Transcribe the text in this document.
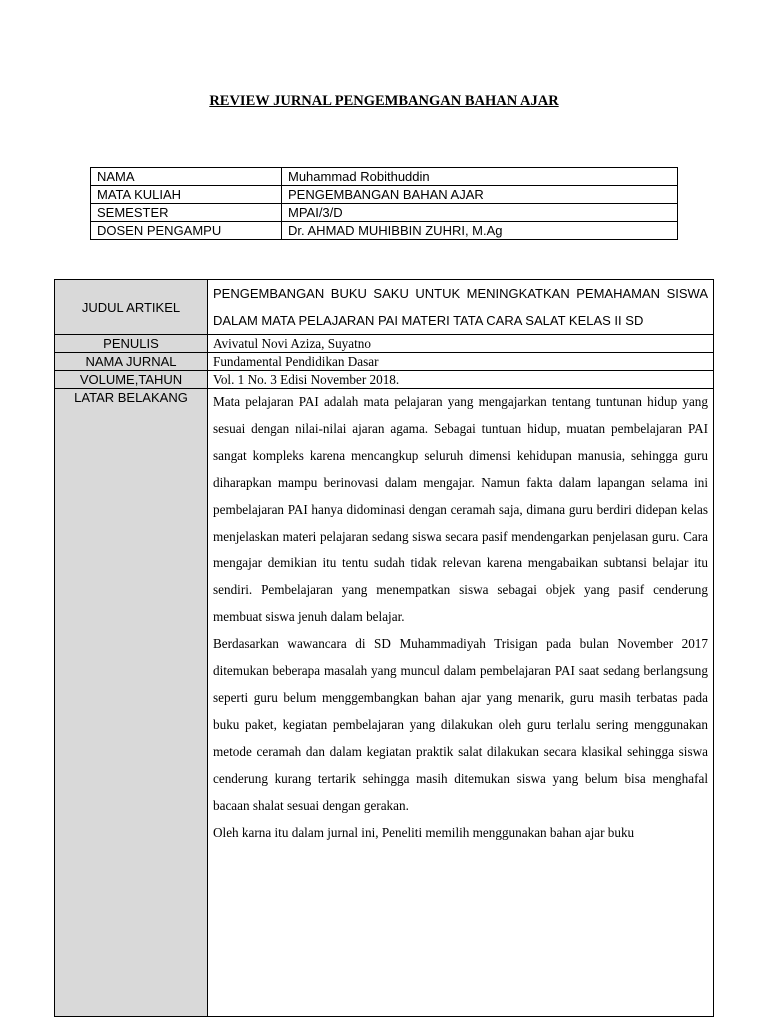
REVIEW JURNAL PENGEMBANGAN BAHAN AJAR
NAMA	Muhammad Robithuddin
MATA KULIAH	PENGEMBANGAN BAHAN AJAR
SEMESTER	MPAI/3/D
DOSEN PENGAMPU	Dr. AHMAD MUHIBBIN ZUHRI, M.Ag
JUDUL ARTIKEL	PENGEMBANGAN BUKU SAKU UNTUK MENINGKATKAN PEMAHAMAN SISWA DALAM MATA PELAJARAN PAI MATERI TATA CARA SALAT KELAS II SD
PENULIS	Avivatul Novi Aziza, Suyatno
NAMA JURNAL	Fundamental Pendidikan Dasar
VOLUME,TAHUN	Vol. 1 No. 3 Edisi November 2018.
LATAR BELAKANG	Mata pelajaran PAI adalah mata pelajaran yang mengajarkan tentang tuntunan hidup yang sesuai dengan nilai-nilai ajaran agama. Sebagai tuntuan hidup, muatan pembelajaran PAI sangat kompleks karena mencangkup seluruh dimensi kehidupan manusia, sehingga guru diharapkan mampu berinovasi dalam mengajar. Namun fakta dalam lapangan selama ini pembelajaran PAI hanya didominasi dengan ceramah saja, dimana guru berdiri didepan kelas menjelaskan materi pelajaran sedang siswa secara pasif mendengarkan penjelasan guru. Cara mengajar demikian itu tentu sudah tidak relevan karena mengabaikan subtansi belajar itu sendiri. Pembelajaran yang menempatkan siswa sebagai objek yang pasif cenderung membuat siswa jenuh dalam belajar.

Berdasarkan wawancara di SD Muhammadiyah Trisigan pada bulan November 2017 ditemukan beberapa masalah yang muncul dalam pembelajaran PAI saat sedang berlangsung seperti guru belum menggembangkan bahan ajar yang menarik, guru masih terbatas pada buku paket, kegiatan pembelajaran yang dilakukan oleh guru terlalu sering menggunakan metode ceramah dan dalam kegiatan praktik salat dilakukan secara klasikal sehingga siswa cenderung kurang tertarik sehingga masih ditemukan siswa yang belum bisa menghafal bacaan shalat sesuai dengan gerakan.

Oleh karna itu dalam jurnal ini, Peneliti memilih menggunakan bahan ajar buku
